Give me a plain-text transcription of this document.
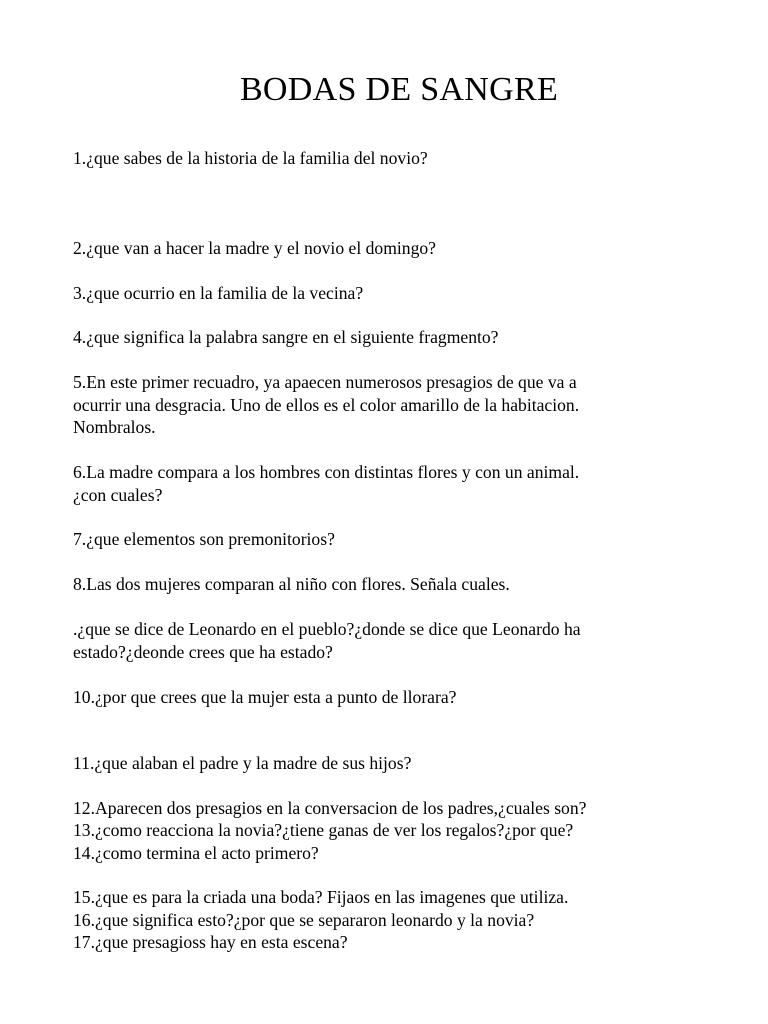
BODAS DE SANGRE

1.¿que sabes de la historia de la familia del novio?

2.¿que van a hacer la madre y el novio el domingo?

3.¿que ocurrio en la familia de la vecina?

4.¿que significa la palabra sangre en el siguiente fragmento?

5.En este primer recuadro, ya apaecen numerosos presagios de que va a
ocurrir una desgracia. Uno de ellos es el color amarillo de la habitacion.
Nombralos.

6.La madre compara a los hombres con distintas flores y con un animal.
¿con cuales?

7.¿que elementos son premonitorios?

8.Las dos mujeres comparan al niño con flores. Señala cuales.

.¿que se dice de Leonardo en el pueblo?¿donde se dice que Leonardo ha
estado?¿deonde crees que ha estado?

10.¿por que crees que la mujer esta a punto de llorara?

11.¿que alaban el padre y la madre de sus hijos?

12.Aparecen dos presagios en la conversacion de los padres,¿cuales son?

13.¿como reacciona la novia?¿tiene ganas de ver los regalos?¿por que?

14.¿como termina el acto primero?

15.¿que es para la criada una boda? Fijaos en las imagenes que utiliza.

16.¿que significa esto?¿por que se separaron leonardo y la novia?

17.¿que presagioss hay en esta escena?
